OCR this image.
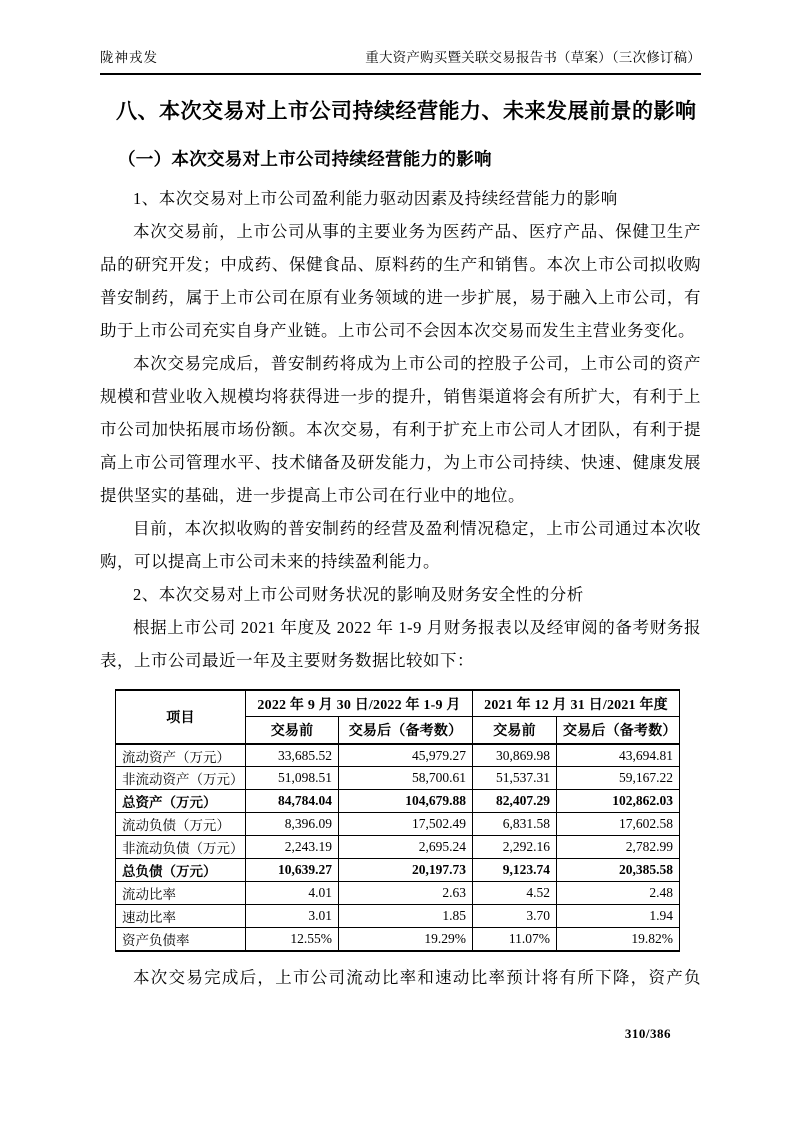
陇神戎发	重大资产购买暨关联交易报告书（草案）（三次修订稿）
八、本次交易对上市公司持续经营能力、未来发展前景的影响
（一）本次交易对上市公司持续经营能力的影响

1、本次交易对上市公司盈利能力驱动因素及持续经营能力的影响

本次交易前，上市公司从事的主要业务为医药产品、医疗产品、保健卫生产品的研究开发；中成药、保健食品、原料药的生产和销售。本次上市公司拟收购普安制药，属于上市公司在原有业务领域的进一步扩展，易于融入上市公司，有助于上市公司充实自身产业链。上市公司不会因本次交易而发生主营业务变化。

本次交易完成后，普安制药将成为上市公司的控股子公司，上市公司的资产规模和营业收入规模均将获得进一步的提升，销售渠道将会有所扩大，有利于上市公司加快拓展市场份额。本次交易，有利于扩充上市公司人才团队，有利于提高上市公司管理水平、技术储备及研发能力，为上市公司持续、快速、健康发展提供坚实的基础，进一步提高上市公司在行业中的地位。

目前，本次拟收购的普安制药的经营及盈利情况稳定，上市公司通过本次收购，可以提高上市公司未来的持续盈利能力。

2、本次交易对上市公司财务状况的影响及财务安全性的分析

根据上市公司 2021 年度及 2022 年 1-9 月财务报表以及经审阅的备考财务报表，上市公司最近一年及主要财务数据比较如下：

项目	2022 年 9 月 30 日/2022 年 1-9 月		2021 年 12 月 31 日/2021 年度	
	交易前	交易后（备考数）	交易前	交易后（备考数）
流动资产（万元）	33,685.52	45,979.27	30,869.98	43,694.81
非流动资产（万元）	51,098.51	58,700.61	51,537.31	59,167.22
总资产（万元）	84,784.04	104,679.88	82,407.29	102,862.03
流动负债（万元）	8,396.09	17,502.49	6,831.58	17,602.58
非流动负债（万元）	2,243.19	2,695.24	2,292.16	2,782.99
总负债（万元）	10,639.27	20,197.73	9,123.74	20,385.58
流动比率	4.01	2.63	4.52	2.48
速动比率	3.01	1.85	3.70	1.94
资产负债率	12.55%	19.29%	11.07%	19.82%

本次交易完成后，上市公司流动比率和速动比率预计将有所下降，资产负

310/386
